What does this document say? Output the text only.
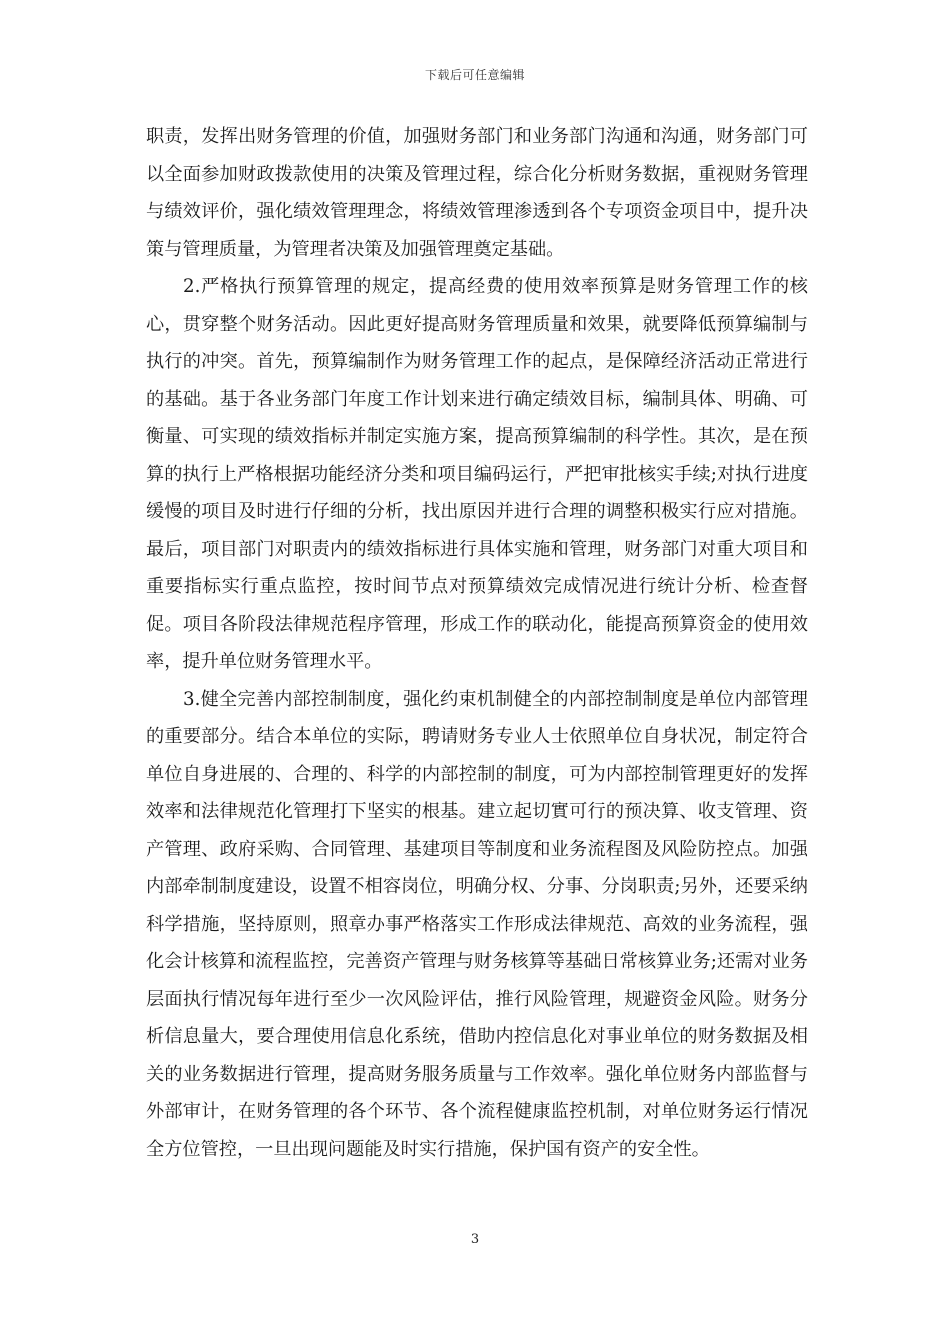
下载后可任意编辑

职责，发挥出财务管理的价值，加强财务部门和业务部门沟通和沟通，财务部门可以全面参加财政拨款使用的决策及管理过程，综合化分析财务数据，重视财务管理与绩效评价，强化绩效管理理念，将绩效管理渗透到各个专项资金项目中，提升决策与管理质量，为管理者决策及加强管理奠定基础。

2.严格执行预算管理的规定，提高经费的使用效率预算是财务管理工作的核心，贯穿整个财务活动。因此更好提高财务管理质量和效果，就要降低预算编制与执行的冲突。首先，预算编制作为财务管理工作的起点，是保障经济活动正常进行的基础。基于各业务部门年度工作计划来进行确定绩效目标，编制具体、明确、可衡量、可实现的绩效指标并制定实施方案，提高预算编制的科学性。其次，是在预算的执行上严格根据功能经济分类和项目编码运行，严把审批核实手续;对执行进度缓慢的项目及时进行仔细的分析，找出原因并进行合理的调整积极实行应对措施。最后，项目部门对职责内的绩效指标进行具体实施和管理，财务部门对重大项目和重要指标实行重点监控，按时间节点对预算绩效完成情况进行统计分析、检查督促。项目各阶段法律规范程序管理，形成工作的联动化，能提高预算资金的使用效率，提升单位财务管理水平。

3.健全完善内部控制制度，强化约束机制健全的内部控制制度是单位内部管理的重要部分。结合本单位的实际，聘请财务专业人士依照单位自身状况，制定符合单位自身进展的、合理的、科学的内部控制的制度，可为内部控制管理更好的发挥效率和法律规范化管理打下坚实的根基。建立起切實可行的预决算、收支管理、资产管理、政府采购、合同管理、基建项目等制度和业务流程图及风险防控点。加强内部牵制制度建设，设置不相容岗位，明确分权、分事、分岗职责;另外，还要采纳科学措施，坚持原则，照章办事严格落实工作形成法律规范、高效的业务流程，强化会计核算和流程监控，完善资产管理与财务核算等基础日常核算业务;还需对业务层面执行情况每年进行至少一次风险评估，推行风险管理，规避资金风险。财务分析信息量大，要合理使用信息化系统，借助内控信息化对事业单位的财务数据及相关的业务数据进行管理，提高财务服务质量与工作效率。强化单位财务内部监督与外部审计，在财务管理的各个环节、各个流程健康监控机制，对单位财务运行情况全方位管控，一旦出现问题能及时实行措施，保护国有资产的安全性。

3
